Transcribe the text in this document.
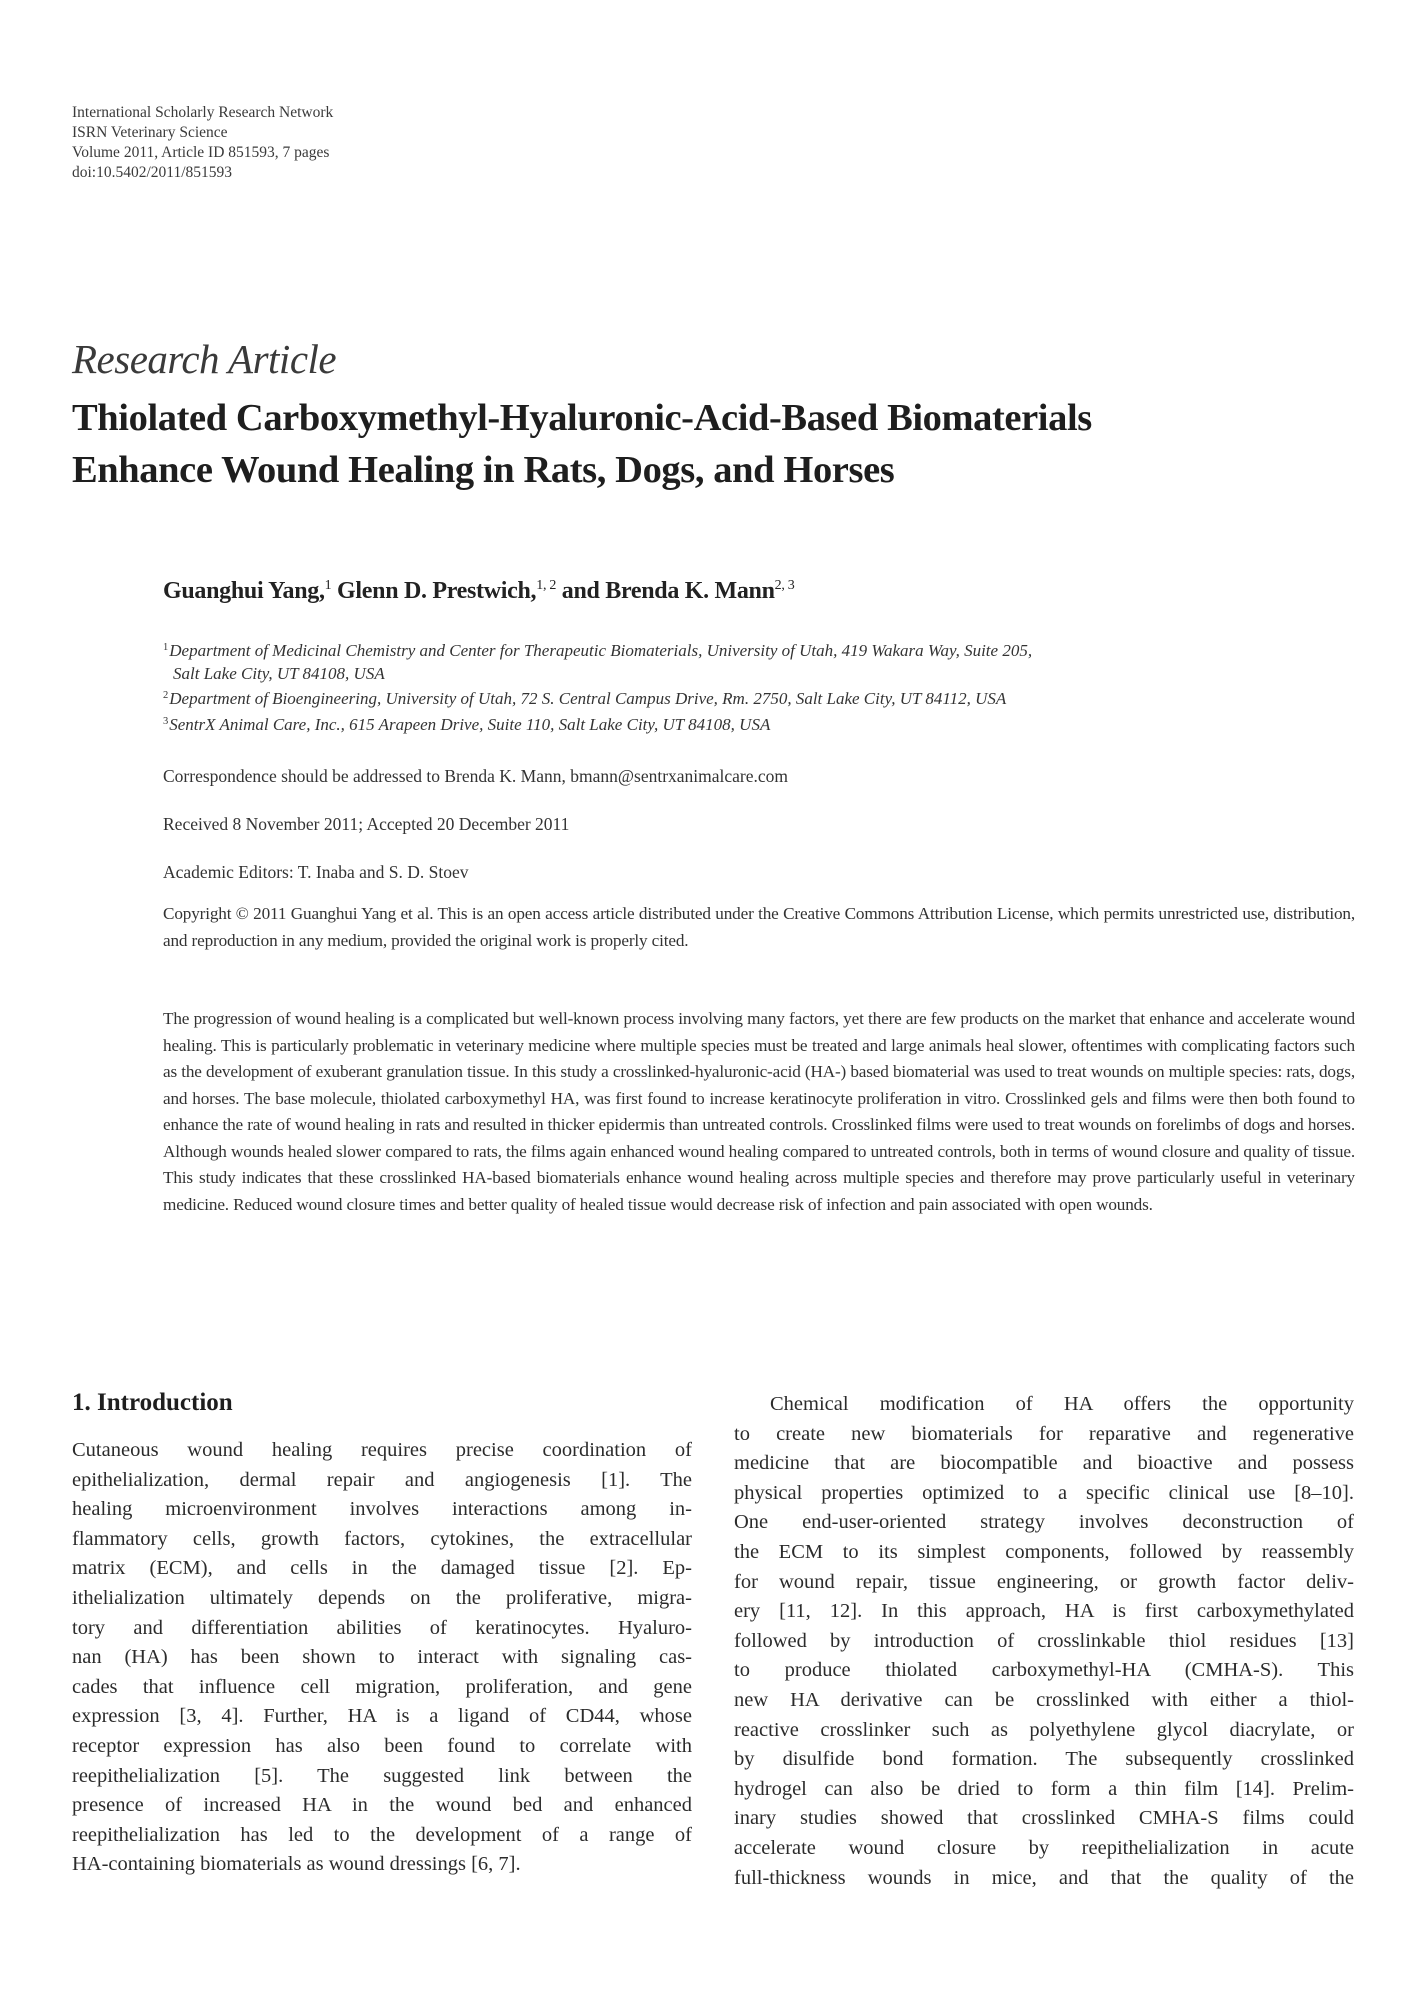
International Scholarly Research Network
ISRN Veterinary Science
Volume 2011, Article ID 851593, 7 pages
doi:10.5402/2011/851593
Research Article
Thiolated Carboxymethyl-Hyaluronic-Acid-Based Biomaterials
Enhance Wound Healing in Rats, Dogs, and Horses
Guanghui Yang,$^1$ Glenn D. Prestwich,$^{1, 2}$ and Brenda K. Mann$^{2, 3}$
$^1$Department of Medicinal Chemistry and Center for Therapeutic Biomaterials, University of Utah, 419 Wakara Way, Suite 205,
Salt Lake City, UT 84108, USA
$^2$Department of Bioengineering, University of Utah, 72 S. Central Campus Drive, Rm. 2750, Salt Lake City, UT 84112, USA
$^3$SentrX Animal Care, Inc., 615 Arapeen Drive, Suite 110, Salt Lake City, UT 84108, USA
Correspondence should be addressed to Brenda K. Mann, bmann@sentrxanimalcare.com
Received 8 November 2011; Accepted 20 December 2011
Academic Editors: T. Inaba and S. D. Stoev
Copyright © 2011 Guanghui Yang et al. This is an open access article distributed under the Creative Commons Attribution License, which permits unrestricted use, distribution, and reproduction in any medium, provided the original work is properly cited.
The progression of wound healing is a complicated but well-known process involving many factors, yet there are few products on the market that enhance and accelerate wound healing. This is particularly problematic in veterinary medicine where multiple species must be treated and large animals heal slower, oftentimes with complicating factors such as the development of exuberant granulation tissue. In this study a crosslinked-hyaluronic-acid (HA-) based biomaterial was used to treat wounds on multiple species: rats, dogs, and horses. The base molecule, thiolated carboxymethyl HA, was first found to increase keratinocyte proliferation in vitro. Crosslinked gels and films were then both found to enhance the rate of wound healing in rats and resulted in thicker epidermis than untreated controls. Crosslinked films were used to treat wounds on forelimbs of dogs and horses. Although wounds healed slower compared to rats, the films again enhanced wound healing compared to untreated controls, both in terms of wound closure and quality of tissue. This study indicates that these crosslinked HA-based biomaterials enhance wound healing across multiple species and therefore may prove particularly useful in veterinary medicine. Reduced wound closure times and better quality of healed tissue would decrease risk of infection and pain associated with open wounds.
1. Introduction
Cutaneous wound healing requires precise coordination of
epithelialization, dermal repair and angiogenesis [1]. The
healing microenvironment involves interactions among in-
flammatory cells, growth factors, cytokines, the extracellular
matrix (ECM), and cells in the damaged tissue [2]. Ep-
ithelialization ultimately depends on the proliferative, migra-
tory and differentiation abilities of keratinocytes. Hyaluro-
nan (HA) has been shown to interact with signaling cas-
cades that influence cell migration, proliferation, and gene
expression [3, 4]. Further, HA is a ligand of CD44, whose
receptor expression has also been found to correlate with
reepithelialization [5]. The suggested link between the
presence of increased HA in the wound bed and enhanced
reepithelialization has led to the development of a range of
HA-containing biomaterials as wound dressings [6, 7].
Chemical modification of HA offers the opportunity
to create new biomaterials for reparative and regenerative
medicine that are biocompatible and bioactive and possess
physical properties optimized to a specific clinical use [8–10].
One end-user-oriented strategy involves deconstruction of
the ECM to its simplest components, followed by reassembly
for wound repair, tissue engineering, or growth factor deliv-
ery [11, 12]. In this approach, HA is first carboxymethylated
followed by introduction of crosslinkable thiol residues [13]
to produce thiolated carboxymethyl-HA (CMHA-S). This
new HA derivative can be crosslinked with either a thiol-
reactive crosslinker such as polyethylene glycol diacrylate, or
by disulfide bond formation. The subsequently crosslinked
hydrogel can also be dried to form a thin film [14]. Prelim-
inary studies showed that crosslinked CMHA-S films could
accelerate wound closure by reepithelialization in acute
full-thickness wounds in mice, and that the quality of the
